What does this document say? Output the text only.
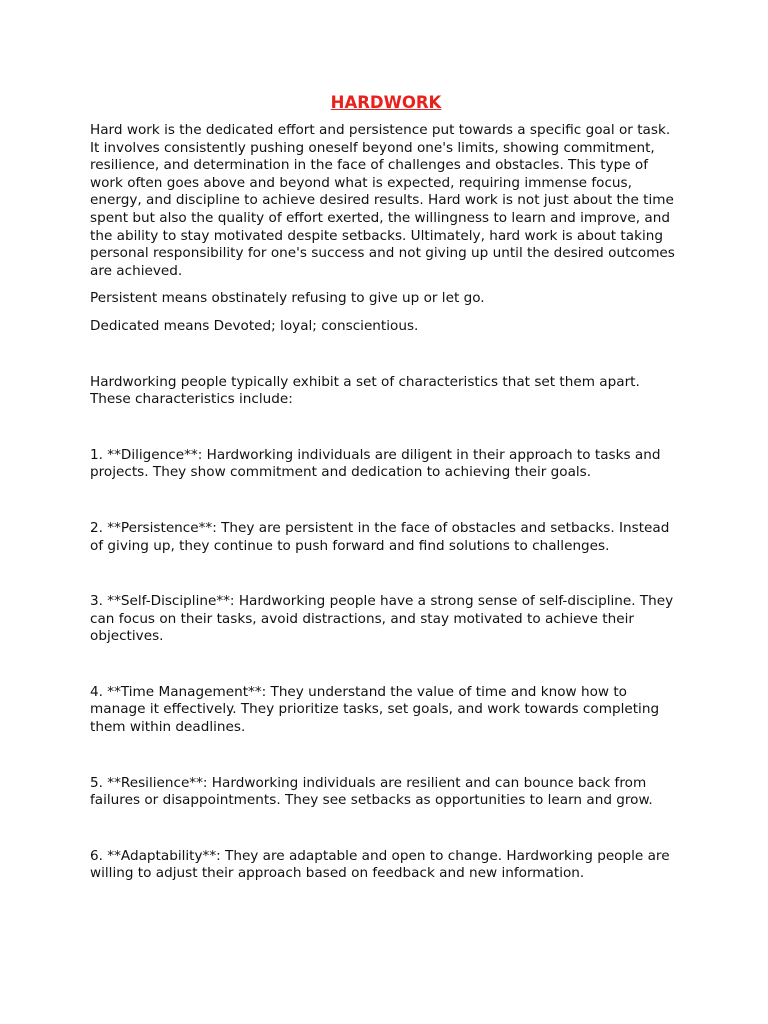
HARDWORK

Hard work is the dedicated effort and persistence put towards a specific goal or task. It involves consistently pushing oneself beyond one's limits, showing commitment, resilience, and determination in the face of challenges and obstacles. This type of work often goes above and beyond what is expected, requiring immense focus, energy, and discipline to achieve desired results. Hard work is not just about the time spent but also the quality of effort exerted, the willingness to learn and improve, and the ability to stay motivated despite setbacks. Ultimately, hard work is about taking personal responsibility for one's success and not giving up until the desired outcomes are achieved.

Persistent means obstinately refusing to give up or let go.

Dedicated means Devoted; loyal; conscientious.

Hardworking people typically exhibit a set of characteristics that set them apart. These characteristics include:

1. **Diligence**: Hardworking individuals are diligent in their approach to tasks and projects. They show commitment and dedication to achieving their goals.

2. **Persistence**: They are persistent in the face of obstacles and setbacks. Instead of giving up, they continue to push forward and find solutions to challenges.

3. **Self-Discipline**: Hardworking people have a strong sense of self-discipline. They can focus on their tasks, avoid distractions, and stay motivated to achieve their objectives.

4. **Time Management**: They understand the value of time and know how to manage it effectively. They prioritize tasks, set goals, and work towards completing them within deadlines.

5. **Resilience**: Hardworking individuals are resilient and can bounce back from failures or disappointments. They see setbacks as opportunities to learn and grow.

6. **Adaptability**: They are adaptable and open to change. Hardworking people are willing to adjust their approach based on feedback and new information.
